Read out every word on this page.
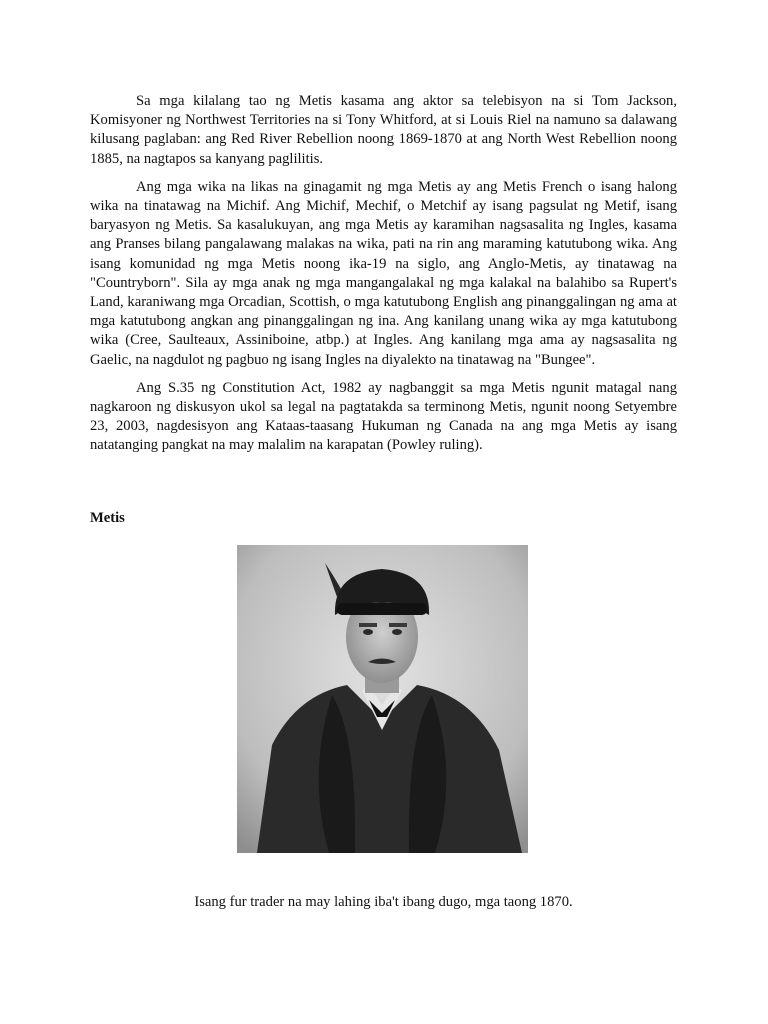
Sa mga kilalang tao ng Metis kasama ang aktor sa telebisyon na si Tom Jackson, Komisyoner ng Northwest Territories na si Tony Whitford, at si Louis Riel na namuno sa dalawang kilusang paglaban: ang Red River Rebellion noong 1869-1870 at ang North West Rebellion noong 1885, na nagtapos sa kanyang paglilitis.

Ang mga wika na likas na ginagamit ng mga Metis ay ang Metis French o isang halong wika na tinatawag na Michif. Ang Michif, Mechif, o Metchif ay isang pagsulat ng Metif, isang baryasyon ng Metis. Sa kasalukuyan, ang mga Metis ay karamihan nagsasalita ng Ingles, kasama ang Pranses bilang pangalawang malakas na wika, pati na rin ang maraming katutubong wika. Ang isang komunidad ng mga Metis noong ika-19 na siglo, ang Anglo-Metis, ay tinatawag na "Countryborn". Sila ay mga anak ng mga mangangalakal ng mga kalakal na balahibo sa Rupert's Land, karaniwang mga Orcadian, Scottish, o mga katutubong English ang pinanggalingan ng ama at mga katutubong angkan ang pinanggalingan ng ina. Ang kanilang unang wika ay mga katutubong wika (Cree, Saulteaux, Assiniboine, atbp.) at Ingles. Ang kanilang mga ama ay nagsasalita ng Gaelic, na nagdulot ng pagbuo ng isang Ingles na diyalekto na tinatawag na "Bungee".

Ang S.35 ng Constitution Act, 1982 ay nagbanggit sa mga Metis ngunit matagal nang nagkaroon ng diskusyon ukol sa legal na pagtatakda sa terminong Metis, ngunit noong Setyembre 23, 2003, nagdesisyon ang Kataas-taasang Hukuman ng Canada na ang mga Metis ay isang natatanging pangkat na may malalim na karapatan (Powley ruling).

Metis

Isang fur trader na may lahing iba't ibang dugo, mga taong 1870.
